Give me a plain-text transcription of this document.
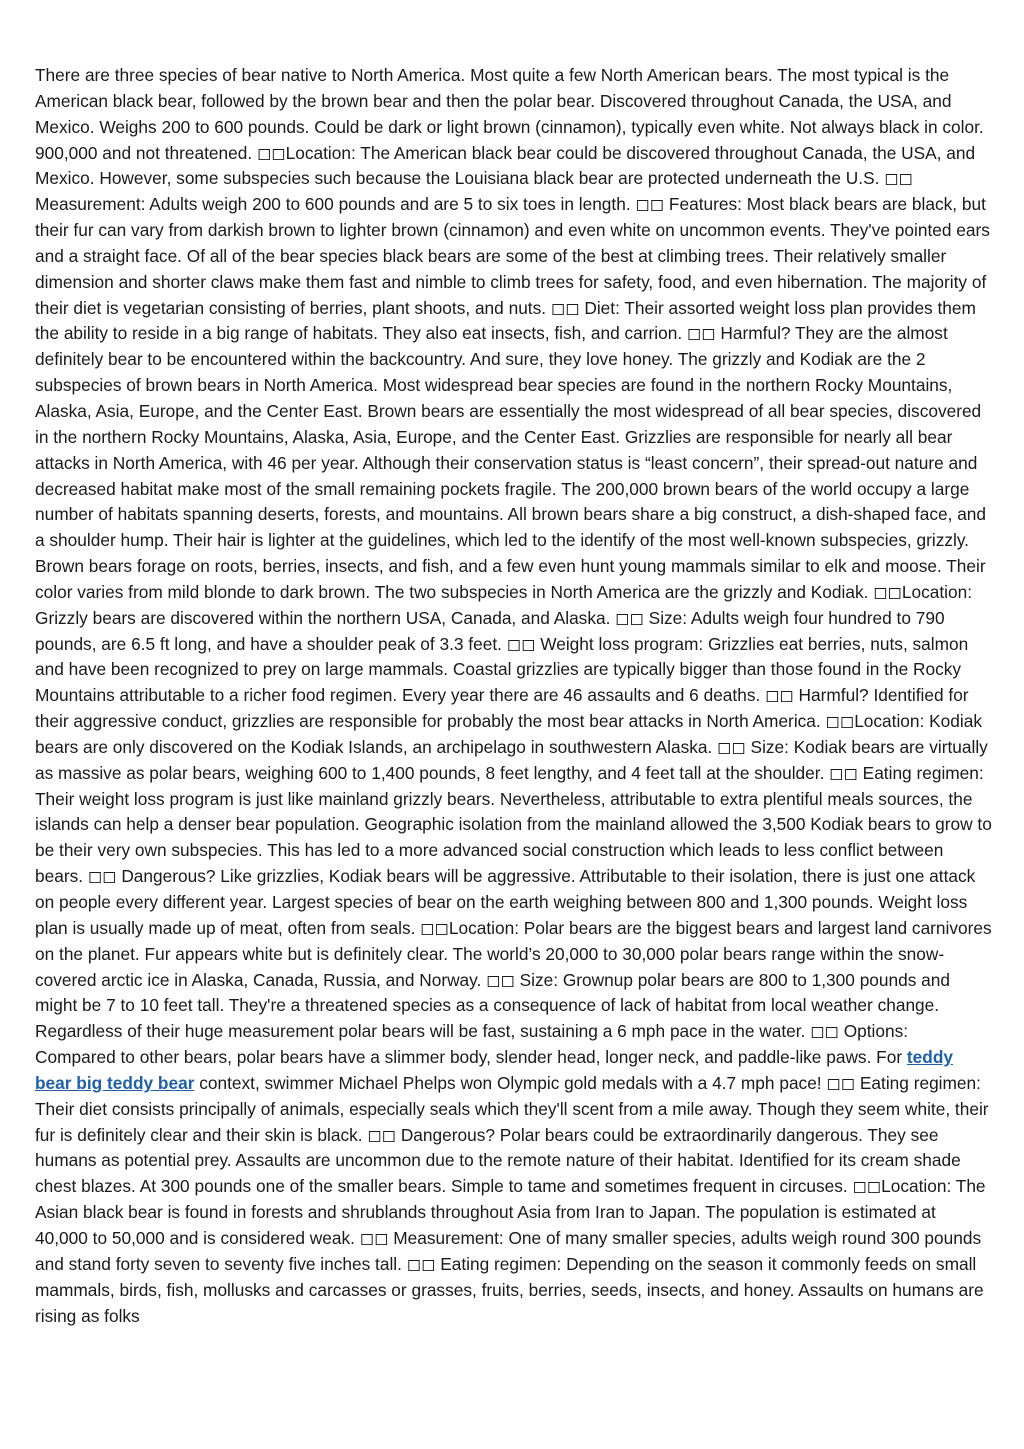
There are three species of bear native to North America. Most quite a few North American bears. The most typical is the American black bear, followed by the brown bear and then the polar bear. Discovered throughout Canada, the USA, and Mexico. Weighs 200 to 600 pounds. Could be dark or light brown (cinnamon), typically even white. Not always black in color. 900,000 and not threatened. ◻◻Location: The American black bear could be discovered throughout Canada, the USA, and Mexico. However, some subspecies such because the Louisiana black bear are protected underneath the U.S. ◻◻ Measurement: Adults weigh 200 to 600 pounds and are 5 to six toes in length. ◻◻ Features: Most black bears are black, but their fur can vary from darkish brown to lighter brown (cinnamon) and even white on uncommon events. They've pointed ears and a straight face. Of all of the bear species black bears are some of the best at climbing trees. Their relatively smaller dimension and shorter claws make them fast and nimble to climb trees for safety, food, and even hibernation. The majority of their diet is vegetarian consisting of berries, plant shoots, and nuts. ◻◻ Diet: Their assorted weight loss plan provides them the ability to reside in a big range of habitats. They also eat insects, fish, and carrion. ◻◻ Harmful? They are the almost definitely bear to be encountered within the backcountry. And sure, they love honey. The grizzly and Kodiak are the 2 subspecies of brown bears in North America. Most widespread bear species are found in the northern Rocky Mountains, Alaska, Asia, Europe, and the Center East. Brown bears are essentially the most widespread of all bear species, discovered in the northern Rocky Mountains, Alaska, Asia, Europe, and the Center East. Grizzlies are responsible for nearly all bear attacks in North America, with 46 per year. Although their conservation status is “least concern”, their spread-out nature and decreased habitat make most of the small remaining pockets fragile. The 200,000 brown bears of the world occupy a large number of habitats spanning deserts, forests, and mountains. All brown bears share a big construct, a dish-shaped face, and a shoulder hump. Their hair is lighter at the guidelines, which led to the identify of the most well-known subspecies, grizzly. Brown bears forage on roots, berries, insects, and fish, and a few even hunt young mammals similar to elk and moose. Their color varies from mild blonde to dark brown. The two subspecies in North America are the grizzly and Kodiak. ◻◻Location: Grizzly bears are discovered within the northern USA, Canada, and Alaska. ◻◻ Size: Adults weigh four hundred to 790 pounds, are 6.5 ft long, and have a shoulder peak of 3.3 feet. ◻◻ Weight loss program: Grizzlies eat berries, nuts, salmon and have been recognized to prey on large mammals. Coastal grizzlies are typically bigger than those found in the Rocky Mountains attributable to a richer food regimen. Every year there are 46 assaults and 6 deaths. ◻◻ Harmful? Identified for their aggressive conduct, grizzlies are responsible for probably the most bear attacks in North America. ◻◻Location: Kodiak bears are only discovered on the Kodiak Islands, an archipelago in southwestern Alaska. ◻◻ Size: Kodiak bears are virtually as massive as polar bears, weighing 600 to 1,400 pounds, 8 feet lengthy, and 4 feet tall at the shoulder. ◻◻ Eating regimen: Their weight loss program is just like mainland grizzly bears. Nevertheless, attributable to extra plentiful meals sources, the islands can help a denser bear population. Geographic isolation from the mainland allowed the 3,500 Kodiak bears to grow to be their very own subspecies. This has led to a more advanced social construction which leads to less conflict between bears. ◻◻ Dangerous? Like grizzlies, Kodiak bears will be aggressive. Attributable to their isolation, there is just one attack on people every different year. Largest species of bear on the earth weighing between 800 and 1,300 pounds. Weight loss plan is usually made up of meat, often from seals. ◻◻Location: Polar bears are the biggest bears and largest land carnivores on the planet. Fur appears white but is definitely clear. The world’s 20,000 to 30,000 polar bears range within the snow-covered arctic ice in Alaska, Canada, Russia, and Norway. ◻◻ Size: Grownup polar bears are 800 to 1,300 pounds and might be 7 to 10 feet tall. They're a threatened species as a consequence of lack of habitat from local weather change. Regardless of their huge measurement polar bears will be fast, sustaining a 6 mph pace in the water. ◻◻ Options: Compared to other bears, polar bears have a slimmer body, slender head, longer neck, and paddle-like paws. For teddy bear big teddy bear context, swimmer Michael Phelps won Olympic gold medals with a 4.7 mph pace! ◻◻ Eating regimen: Their diet consists principally of animals, especially seals which they'll scent from a mile away. Though they seem white, their fur is definitely clear and their skin is black. ◻◻ Dangerous? Polar bears could be extraordinarily dangerous. They see humans as potential prey. Assaults are uncommon due to the remote nature of their habitat. Identified for its cream shade chest blazes. At 300 pounds one of the smaller bears. Simple to tame and sometimes frequent in circuses. ◻◻Location: The Asian black bear is found in forests and shrublands throughout Asia from Iran to Japan. The population is estimated at 40,000 to 50,000 and is considered weak. ◻◻ Measurement: One of many smaller species, adults weigh round 300 pounds and stand forty seven to seventy five inches tall. ◻◻ Eating regimen: Depending on the season it commonly feeds on small mammals, birds, fish, mollusks and carcasses or grasses, fruits, berries, seeds, insects, and honey. Assaults on humans are rising as folks
